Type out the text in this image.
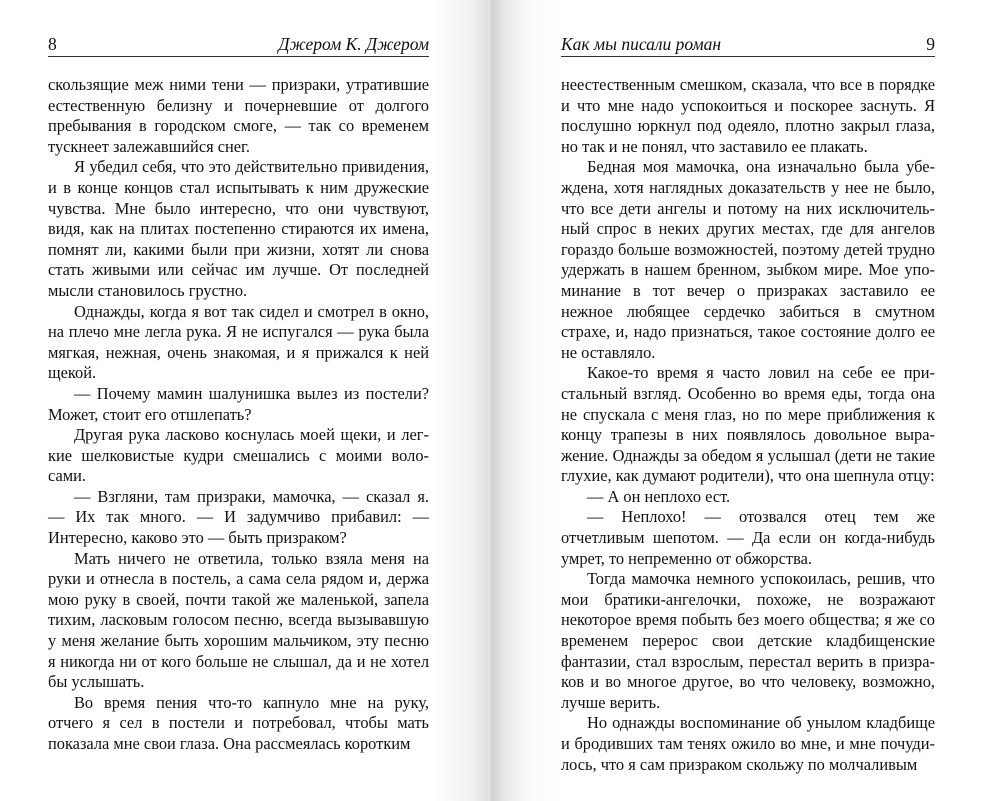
8	Джером К. Джером

скользящие меж ними тени — призраки, утратившие естественную белизну и почерневшие от долгого пребывания в городском смоге, — так со временем тускнеет залежавшийся снег.

Я убедил себя, что это действительно привидения, и в конце концов стал испытывать к ним дружеские чувства. Мне было интересно, что они чувствуют, видя, как на плитах постепенно стираются их имена, помнят ли, какими были при жизни, хотят ли снова стать живыми или сейчас им лучше. От последней мысли становилось грустно.

Однажды, когда я вот так сидел и смотрел в окно, на плечо мне легла рука. Я не испугался — рука была мягкая, нежная, очень знакомая, и я прижался к ней щекой.

— Почему мамин шалунишка вылез из постели? Может, стоит его отшлепать?

Другая рука ласково коснулась моей щеки, и легкие шелковистые кудри смешались с моими волосами.

— Взгляни, там призраки, мамочка, — сказал я. — Их так много. — И задумчиво прибавил: — Интересно, каково это — быть призраком?

Мать ничего не ответила, только взяла меня на руки и отнесла в постель, а сама села рядом и, держа мою руку в своей, почти такой же маленькой, запела тихим, ласковым голосом песню, всегда вызывавшую у меня желание быть хорошим мальчиком, эту песню я никогда ни от кого больше не слышал, да и не хотел бы услышать.

Во время пения что-то капнуло мне на руку, отчего я сел в постели и потребовал, чтобы мать показала мне свои глаза. Она рассмеялась коротким

Как мы писали роман	9

неестественным смешком, сказала, что все в порядке и что мне надо успокоиться и поскорее заснуть. Я послушно юркнул под одеяло, плотно закрыл глаза, но так и не понял, что заставило ее плакать.

Бедная моя мамочка, она изначально была убеждена, хотя наглядных доказательств у нее не было, что все дети ангелы и потому на них исключительный спрос в неких других местах, где для ангелов гораздо больше возможностей, поэтому детей трудно удержать в нашем бренном, зыбком мире. Мое упоминание в тот вечер о призраках заставило ее нежное любящее сердечко забиться в смутном страхе, и, надо признаться, такое состояние долго ее не оставляло.

Какое-то время я часто ловил на себе ее пристальный взгляд. Особенно во время еды, тогда она не спускала с меня глаз, но по мере приближения к концу трапезы в них появлялось довольное выражение. Однажды за обедом я услышал (дети не такие глухие, как думают родители), что она шепнула отцу:

— А он неплохо ест.

— Неплохо! — отозвался отец тем же отчетливым шепотом. — Да если он когда-нибудь умрет, то непременно от обжорства.

Тогда мамочка немного успокоилась, решив, что мои братики-ангелочки, похоже, не возражают некоторое время побыть без моего общества; я же со временем перерос свои детские кладбищенские фантазии, стал взрослым, перестал верить в призраков и во многое другое, во что человеку, возможно, лучше верить.

Но однажды воспоминание об унылом кладбище и бродивших там тенях ожило во мне, и мне почудилось, что я сам призраком скольжу по молчаливым
